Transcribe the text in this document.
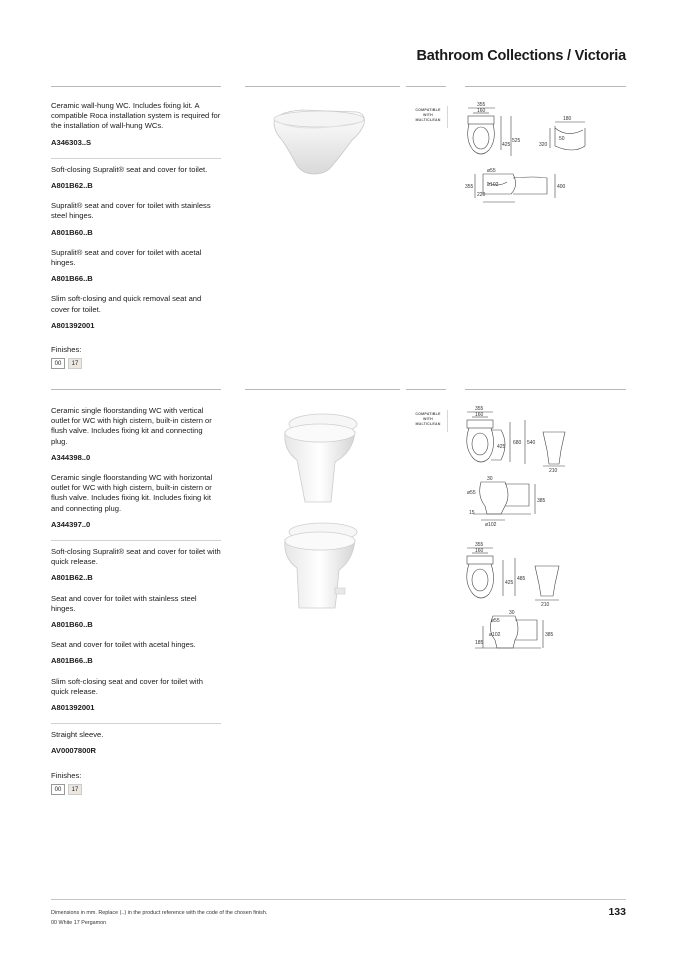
Bathroom Collections / Victoria

Ceramic wall-hung WC. Includes fixing kit. A compatible Roca installation system is required for the installation of wall-hung WCs.

A346303..S

Soft-closing Supralit® seat and cover for toilet.

A801B62..B

Supralit® seat and cover for toilet with stainless steel hinges.

A801B60..B

Supralit® seat and cover for toilet with acetal hinges.

A801B66..B

Slim soft-closing and quick removal seat and cover for toilet.

A801392001

Finishes:

00	17
COMPATIBLE WITH MULTICLEAN
355
160
525
425
180
50
320
ø55
ø102
220
355	400

Ceramic single floorstanding WC with vertical outlet for WC with high cistern, built-in cistern or flush valve. Includes fixing kit and connecting plug.

A344398..0

Ceramic single floorstanding WC with horizontal outlet for WC with high cistern, built-in cistern or flush valve. Includes fixing kit. Includes fixing kit and connecting plug.

A344397..0

Soft-closing Supralit® seat and cover for toilet with quick release.

A801B62..B

Seat and cover for toilet with stainless steel hinges.

A801B60..B

Seat and cover for toilet with acetal hinges.

A801B66..B

Slim soft-closing seat and cover for toilet with quick release.

A801392001

Straight sleeve.

AV0007800R

Finishes:

00	17
COMPATIBLE WITH MULTICLEAN
355
160
680 540
425
210
30
ø55
385
15
ø102
355
160
485
425
210
30
ø55
ø102	385
185
Dimensions in mm. Replace (..) in the product reference with the code of the chosen finish.
00 White 17 Pergamon
133
